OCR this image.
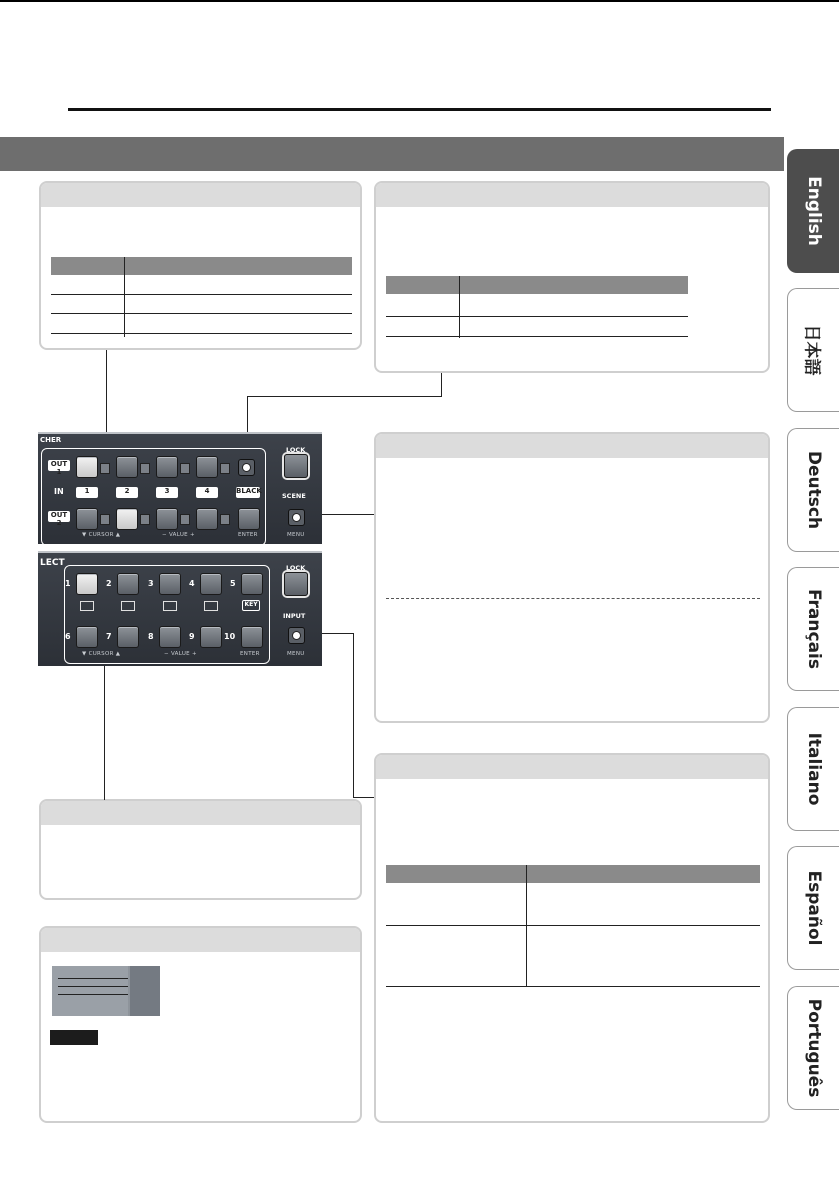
CHER
OUT 1
IN
OUT 2
1	2	3	4	BLACK
▼ CURSOR ▲	− VALUE +	ENTER
LOCK
SCENE
MENU
LECT
1	2	3	4	5
KEY
6	7	8	9	10
▼ CURSOR ▲	− VALUE +	ENTER
LOCK
INPUT
MENU
English
日本語
Deutsch
Français
Italiano
Español
Português
